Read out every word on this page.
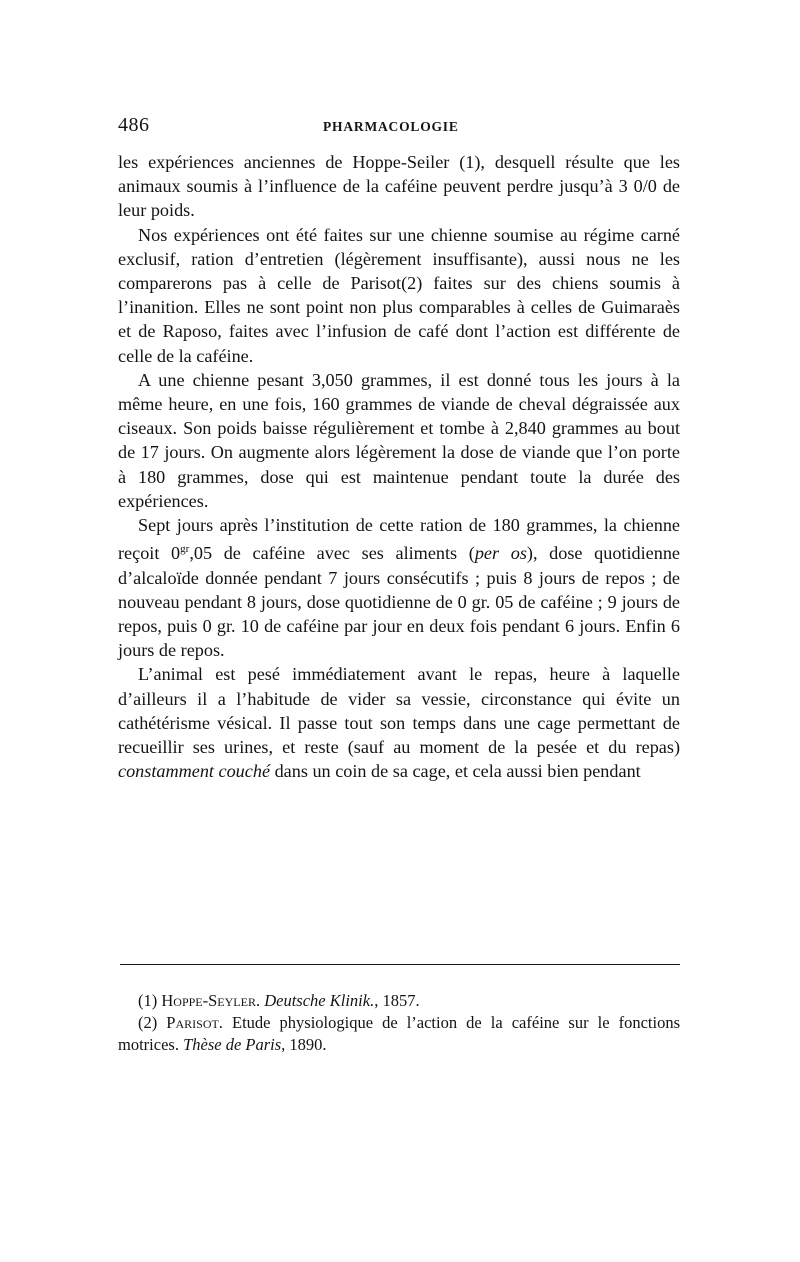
486	PHARMACOLOGIE

les expériences anciennes de Hoppe-Seiler (1), desquell résulte que les animaux soumis à l’influence de la caféine peuvent perdre jusqu’à 3 0/0 de leur poids.

Nos expériences ont été faites sur une chienne soumise au régime carné exclusif, ration d’entretien (légèrement insuffisante), aussi nous ne les comparerons pas à celle de Parisot(2) faites sur des chiens soumis à l’inanition. Elles ne sont point non plus comparables à celles de Guimaraès et de Raposo, faites avec l’infusion de café dont l’action est différente de celle de la caféine.

A une chienne pesant 3,050 grammes, il est donné tous les jours à la même heure, en une fois, 160 grammes de viande de cheval dégraissée aux ciseaux. Son poids baisse régulièrement et tombe à 2,840 grammes au bout de 17 jours. On augmente alors légèrement la dose de viande que l’on porte à 180 grammes, dose qui est maintenue pendant toute la durée des expériences.

Sept jours après l’institution de cette ration de 180 grammes, la chienne reçoit $0^{gr},05$ de caféine avec ses aliments (per os), dose quotidienne d’alcaloïde donnée pendant 7 jours consécutifs ; puis 8 jours de repos ; de nouveau pendant 8 jours, dose quotidienne de 0 gr. 05 de caféine ; 9 jours de repos, puis 0 gr. 10 de caféine par jour en deux fois pendant 6 jours. Enfin 6 jours de repos.

L’animal est pesé immédiatement avant le repas, heure à laquelle d’ailleurs il a l’habitude de vider sa vessie, circonstance qui évite un cathétérisme vésical. Il passe tout son temps dans une cage permettant de recueillir ses urines, et reste (sauf au moment de la pesée et du repas) constamment couché dans un coin de sa cage, et cela aussi bien pendant

(1) Hoppe-Seyler. Deutsche Klinik., 1857.

(2) Parisot. Etude physiologique de l’action de la caféine sur le fonctions motrices. Thèse de Paris, 1890.
